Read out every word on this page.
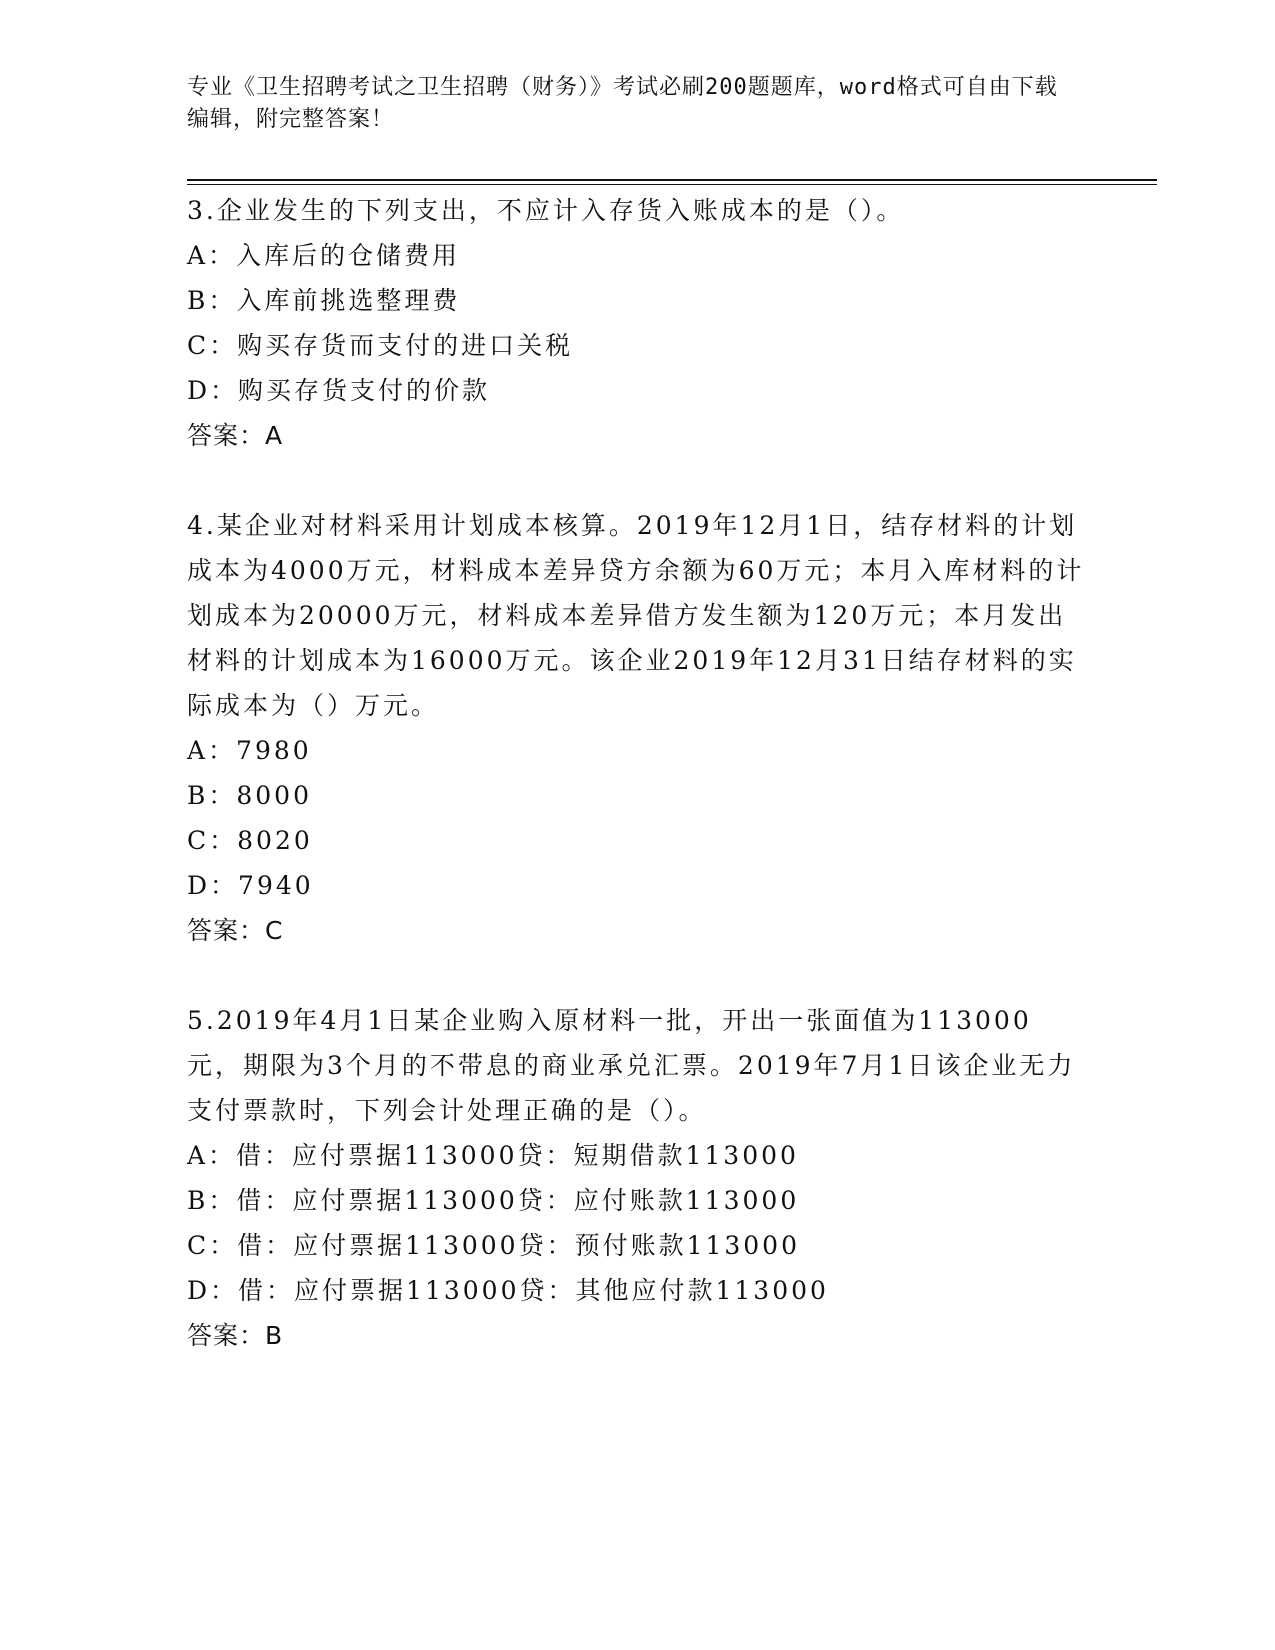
专业《卫生招聘考试之卫生招聘（财务）》考试必刷200题题库，word格式可自由下载编辑，附完整答案！
3.企业发生的下列支出，不应计入存货入账成本的是（）。
A：入库后的仓储费用
B：入库前挑选整理费
C：购买存货而支付的进口关税
D：购买存货支付的价款
答案：A
4.某企业对材料采用计划成本核算。2019年12月1日，结存材料的计划成本为4000万元，材料成本差异贷方余额为60万元；本月入库材料的计划成本为20000万元，材料成本差异借方发生额为120万元；本月发出材料的计划成本为16000万元。该企业2019年12月31日结存材料的实际成本为（）万元。
A：7980
B：8000
C：8020
D：7940
答案：C
5.2019年4月1日某企业购入原材料一批，开出一张面值为113000元，期限为3个月的不带息的商业承兑汇票。2019年7月1日该企业无力支付票款时，下列会计处理正确的是（）。
A：借：应付票据113000贷：短期借款113000
B：借：应付票据113000贷：应付账款113000
C：借：应付票据113000贷：预付账款113000
D：借：应付票据113000贷：其他应付款113000
答案：B
